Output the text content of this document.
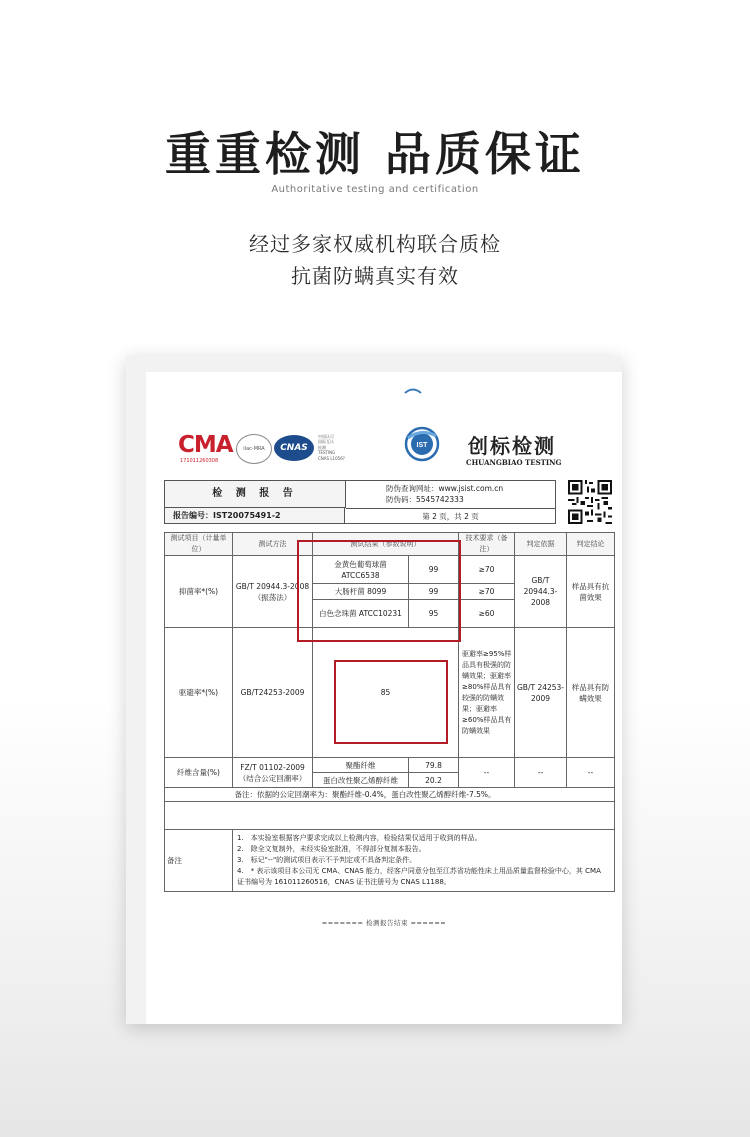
重重检测 品质保证
Authoritative testing and certification
经过多家权威机构联合质检
抗菌防螨真实有效
CMA
171011260308
ilac-MRA	CNAS
中国认可
国际互认
检测
TESTING
CNAS L1056?
IST 创标检测
CHUANGBIAO TESTING
检 测 报 告
报告编号：IST20075491-2
防伪查询网址：www.jsist.com.cn
防伪码：5545742333
第 2 页，共 2 页
测试项目（计量单位）	测试方法	测试结果（参数说明）		技术要求（备注）	判定依据	判定结论
抑菌率*(%)	GB/T 20944.3-2008（振荡法）	金黄色葡萄球菌 ATCC6538	99	≥70	GB/T 20944.3-2008	样品具有抗菌效果
		大肠杆菌 8099	99	≥70		
		白色念珠菌 ATCC10231	95	≥60		
驱避率*(%)	GB/T24253-2009	85		驱避率≥95%样品具有极强的防螨效果；驱避率≥80%样品具有较强的防螨效果；驱避率≥60%样品具有防螨效果	GB/T 24253-2009	样品具有防螨效果
纤维含量(%)	FZ/T 01102-2009（结合公定回潮率）	聚酯纤维	79.8	--	--	--
		蛋白改性聚乙烯醇纤维	20.2			
	备注：依据的公定回潮率为：聚酯纤维-0.4%，蛋白改性聚乙烯醇纤维-7.5%。					

备注	1.　本实验室根据客户要求完成以上检测内容，检验结果仅适用于收到的样品。
2.　除全文复制外，未经实验室批准，不得部分复制本报告。
3.　标记"--"的测试项目表示不予判定或不具备判定条件。
4.　* 表示该项目本公司无 CMA、CNAS 能力，经客户同意分包至江苏省功能性床上用品质量监督检验中心，其 CMA 证书编号为 161011260516，CNAS 证书注册号为 CNAS L1188。					
======= 检测报告结束 ======
